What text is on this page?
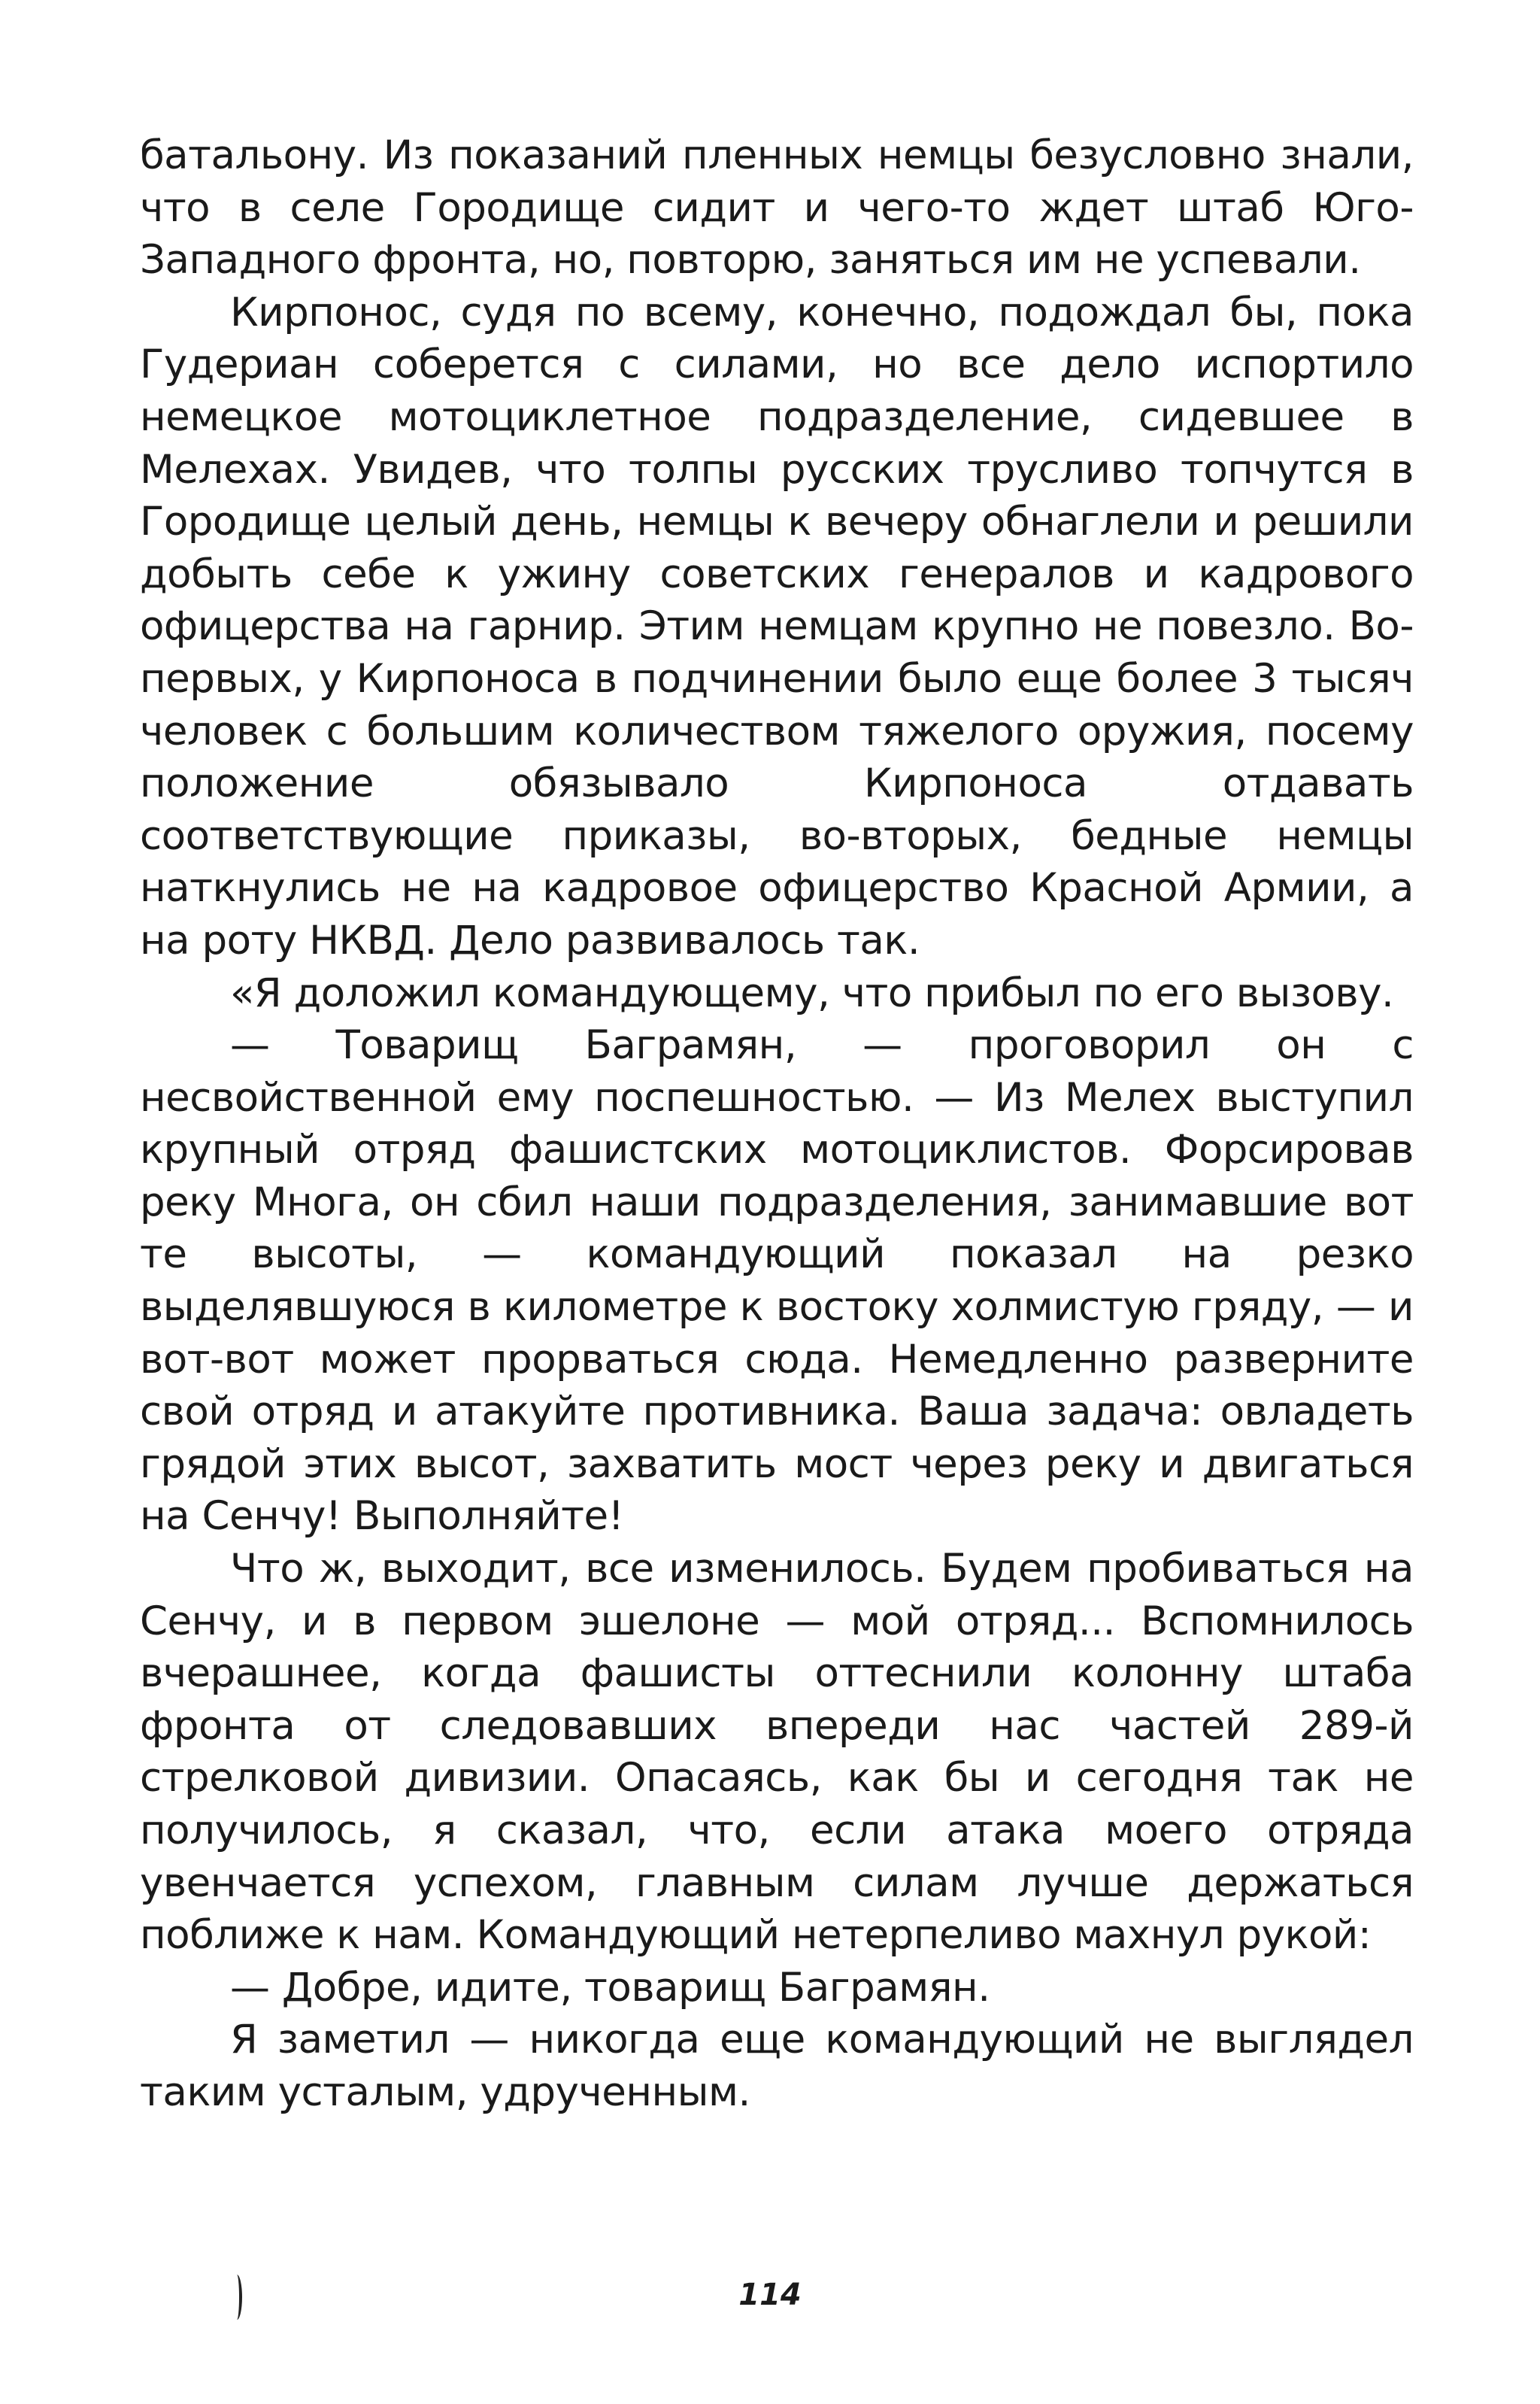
батальону. Из показаний пленных немцы безусловно знали, что в селе Городище сидит и чего-то ждет штаб Юго-Западного фронта, но, повторю, заняться им не успевали.

Кирпонос, судя по всему, конечно, подождал бы, пока Гудериан соберется с силами, но все дело испортило немецкое мотоциклетное подразделение, сидевшее в Мелехах. Увидев, что толпы русских трусливо топчутся в Городище целый день, немцы к вечеру обнаглели и решили добыть себе к ужину советских генералов и кадрового офицерства на гарнир. Этим немцам крупно не повезло. Во-первых, у Кирпоноса в подчинении было еще более 3 тысяч человек с большим количеством тяжелого оружия, посему положение обязывало Кирпоноса отдавать соответствующие приказы, во-вторых, бедные немцы наткнулись не на кадровое офицерство Красной Армии, а на роту НКВД. Дело развивалось так.

«Я доложил командующему, что прибыл по его вызову.

— Товарищ Баграмян, — проговорил он с несвойственной ему поспешностью. — Из Мелех выступил крупный отряд фашистских мотоциклистов. Форсировав реку Многа, он сбил наши подразделения, занимавшие вот те высоты, — командующий показал на резко выделявшуюся в километре к востоку холмистую гряду, — и вот-вот может прорваться сюда. Немедленно разверните свой отряд и атакуйте противника. Ваша задача: овладеть грядой этих высот, захватить мост через реку и двигаться на Сенчу! Выполняйте!

Что ж, выходит, все изменилось. Будем пробиваться на Сенчу, и в первом эшелоне — мой отряд... Вспомнилось вчерашнее, когда фашисты оттеснили колонну штаба фронта от следовавших впереди нас частей 289-й стрелковой дивизии. Опасаясь, как бы и сегодня так не получилось, я сказал, что, если атака моего отряда увенчается успехом, главным силам лучше держаться поближе к нам. Командующий нетерпеливо махнул рукой:

— Добре, идите, товарищ Баграмян.

Я заметил — никогда еще командующий не выглядел таким усталым, удрученным.

114
